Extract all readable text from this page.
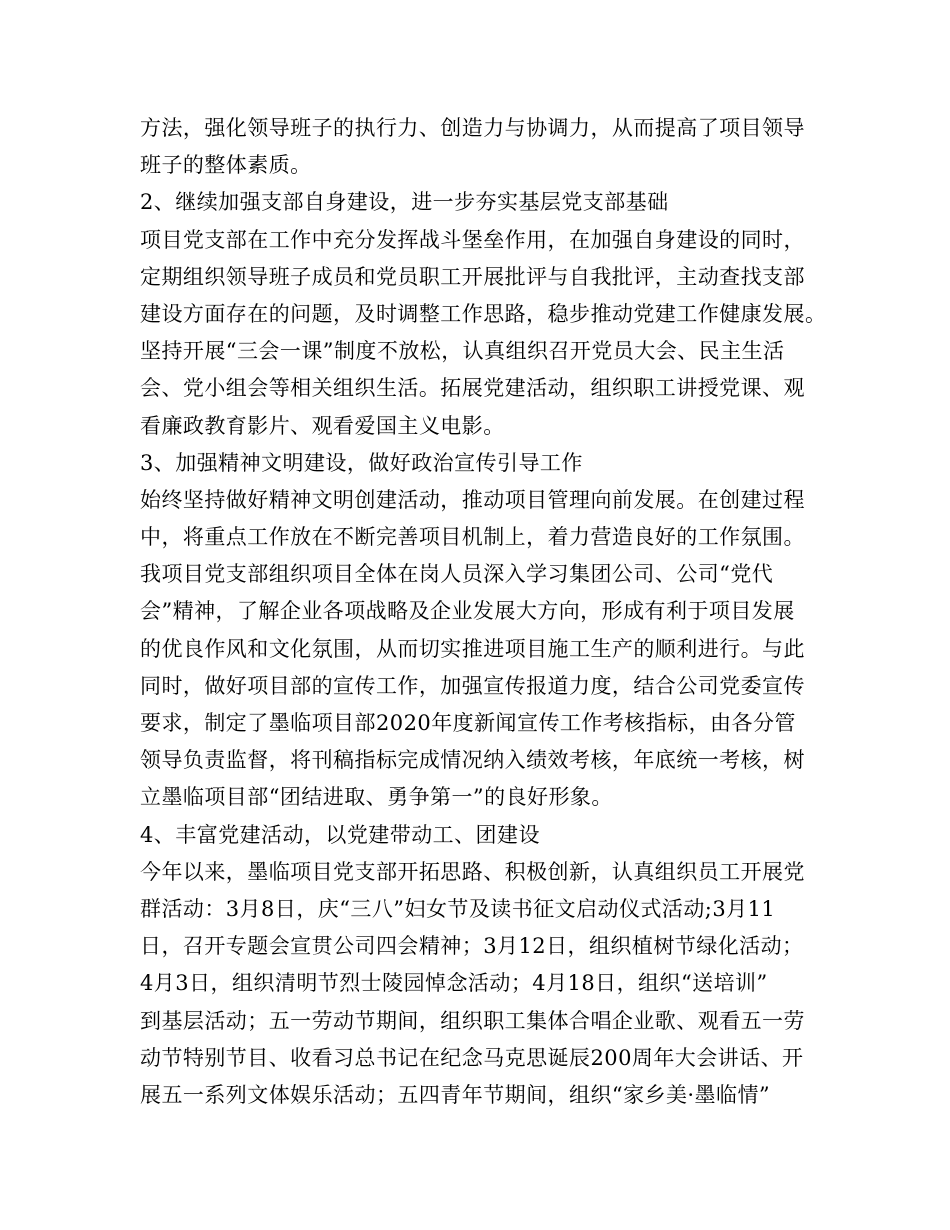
方法，强化领导班子的执行力、创造力与协调力，从而提高了项目领导
班子的整体素质。
2、继续加强支部自身建设，进一步夯实基层党支部基础
项目党支部在工作中充分发挥战斗堡垒作用，在加强自身建设的同时，
定期组织领导班子成员和党员职工开展批评与自我批评，主动查找支部
建设方面存在的问题，及时调整工作思路，稳步推动党建工作健康发展。
坚持开展“三会一课”制度不放松，认真组织召开党员大会、民主生活
会、党小组会等相关组织生活。拓展党建活动，组织职工讲授党课、观
看廉政教育影片、观看爱国主义电影。
3、加强精神文明建设，做好政治宣传引导工作
始终坚持做好精神文明创建活动，推动项目管理向前发展。在创建过程
中，将重点工作放在不断完善项目机制上，着力营造良好的工作氛围。
我项目党支部组织项目全体在岗人员深入学习集团公司、公司“党代
会”精神，了解企业各项战略及企业发展大方向，形成有利于项目发展
的优良作风和文化氛围，从而切实推进项目施工生产的顺利进行。与此
同时，做好项目部的宣传工作，加强宣传报道力度，结合公司党委宣传
要求，制定了墨临项目部2020年度新闻宣传工作考核指标，由各分管
领导负责监督，将刊稿指标完成情况纳入绩效考核，年底统一考核，树
立墨临项目部“团结进取、勇争第一”的良好形象。
4、丰富党建活动，以党建带动工、团建设
今年以来，墨临项目党支部开拓思路、积极创新，认真组织员工开展党
群活动：3月8日，庆“三八”妇女节及读书征文启动仪式活动;3月11
日，召开专题会宣贯公司四会精神；3月12日，组织植树节绿化活动；
4月3日，组织清明节烈士陵园悼念活动；4月18日，组织“送培训”
到基层活动；五一劳动节期间，组织职工集体合唱企业歌、观看五一劳
动节特别节目、收看习总书记在纪念马克思诞辰200周年大会讲话、开
展五一系列文体娱乐活动；五四青年节期间，组织“家乡美·墨临情”
